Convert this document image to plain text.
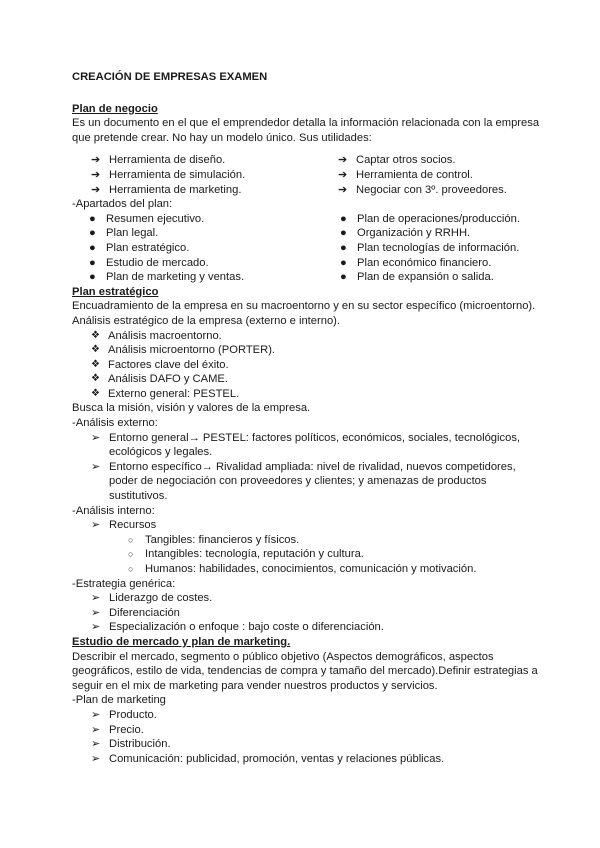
CREACIÓN DE EMPRESAS EXAMEN

Plan de negocio

Es un documento en el que el emprendedor detalla la información relacionada con la empresa que pretende crear. No hay un modelo único. Sus utilidades:

➔ Herramienta de diseño.
➔ Herramienta de simulación.
➔ Herramienta de marketing.
➔ Captar otros socios.
➔ Herramienta de control.
➔ Negociar con 3º. proveedores.

-Apartados del plan:

● Resumen ejecutivo.
● Plan legal.
● Plan estratégico.
● Estudio de mercado.
● Plan de marketing y ventas.
● Plan de operaciones/producción.
● Organización y RRHH.
● Plan tecnologías de información.
● Plan económico financiero.
● Plan de expansión o salida.

Plan estratégico

Encuadramiento de la empresa en su macroentorno y en su sector específico (microentorno). Análisis estratégico de la empresa (externo e interno).

❖ Análisis macroentorno.
❖ Análisis microentorno (PORTER).
❖ Factores clave del éxito.
❖ Análisis DAFO y CAME.
❖ Externo general: PESTEL.

Busca la misión, visión y valores de la empresa.

-Análisis externo:

➢ Entorno general→ PESTEL: factores políticos, económicos, sociales, tecnológicos, ecológicos y legales.
➢ Entorno específico→ Rivalidad ampliada: nivel de rivalidad, nuevos competidores, poder de negociación con proveedores y clientes; y amenazas de productos sustitutivos.

-Análisis interno:

➢ Recursos
○ Tangibles: financieros y físicos.
○ Intangibles: tecnología, reputación y cultura.
○ Humanos: habilidades, conocimientos, comunicación y motivación.

-Estrategia genérica:

➢ Liderazgo de costes.
➢ Diferenciación
➢ Especialización o enfoque : bajo coste o diferenciación.

Estudio de mercado y plan de marketing.

Describir el mercado, segmento o público objetivo (Aspectos demográficos, aspectos geográficos, estilo de vida, tendencias de compra y tamaño del mercado).Definir estrategias a seguir en el mix de marketing para vender nuestros productos y servicios.

-Plan de marketing

➢ Producto.
➢ Precio.
➢ Distribución.
➢ Comunicación: publicidad, promoción, ventas y relaciones públicas.
